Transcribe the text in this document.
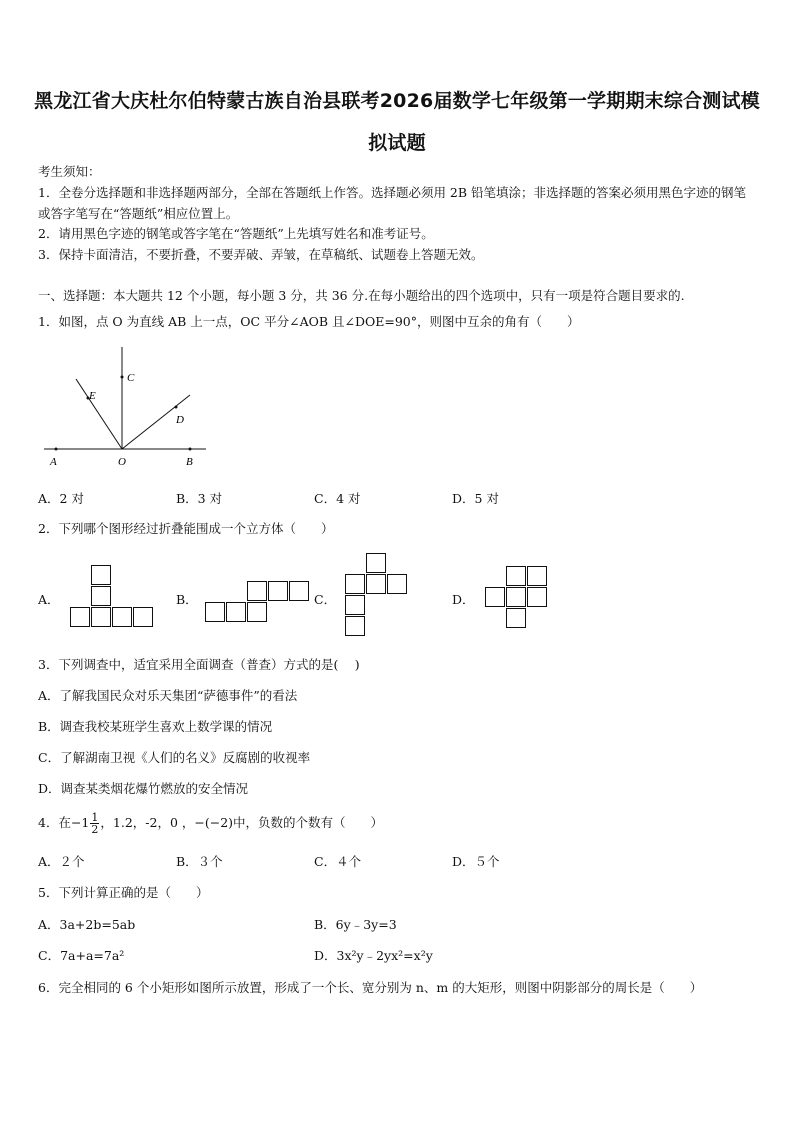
黑龙江省大庆杜尔伯特蒙古族自治县联考2026届数学七年级第一学期期末综合测试模
拟试题
考生须知：
1．全卷分选择题和非选择题两部分，全部在答题纸上作答。选择题必须用 2B 铅笔填涂；非选择题的答案必须用黑色字迹的钢笔或答字笔写在“答题纸”相应位置上。
2．请用黑色字迹的钢笔或答字笔在“答题纸”上先填写姓名和准考证号。
3．保持卡面清洁，不要折叠，不要弄破、弄皱，在草稿纸、试题卷上答题无效。
一、选择题：本大题共 12 个小题，每小题 3 分，共 36 分.在每小题给出的四个选项中，只有一项是符合题目要求的.
1．如图，点 O 为直线 AB 上一点，OC 平分∠AOB 且∠DOE=90°，则图中互余的角有（　　）
A	O	B
C
D
E
A．2 对	B．3 对	C．4 对	D．5 对
2．下列哪个图形经过折叠能围成一个立方体（　　）
A．	B．	C．	D．
3．下列调查中，适宜采用全面调查（普查）方式的是(　 )
A．了解我国民众对乐天集团“萨德事件”的看法
B．调查我校某班学生喜欢上数学课的情况
C．了解湖南卫视《人们的名义》反腐剧的收视率
D．调查某类烟花爆竹燃放的安全情况
4．在$-1 \frac{1}{2}$ ，1.2，-2，0 ，−(−2)中，负数的个数有（　　）
A．２个	B．３个	C．４个	D．５个
5．下列计算正确的是（　　）
A．3a+2b=5ab	B．6y﹣3y=3
C．7a+a=7a²	D．3x²y﹣2yx²=x²y
6．完全相同的 6 个小矩形如图所示放置，形成了一个长、宽分别为 n、m 的大矩形，则图中阴影部分的周长是（　　）
